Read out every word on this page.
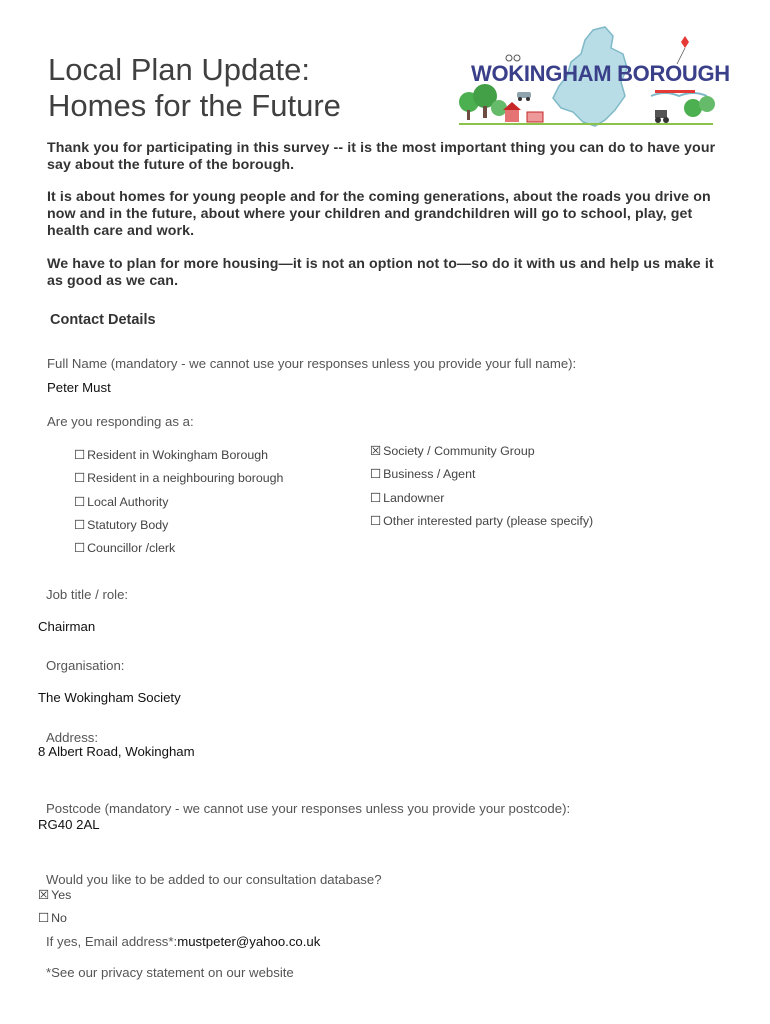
Local Plan Update:
Homes for the Future
WOKINGHAM BOROUGH
Thank you for participating in this survey -- it is the most important thing you can do to have your say about the future of the borough.
It is about homes for young people and for the coming generations, about the roads you drive on now and in the future, about where your children and grandchildren will go to school, play, get health care and work.
We have to plan for more housing—it is not an option not to—so do it with us and help us make it as good as we can.
Contact Details
Full Name (mandatory - we cannot use your responses unless you provide your full name):
Peter Must
Are you responding as a:
☐ Resident in Wokingham Borough
☐ Resident in a neighbouring borough
☐ Local Authority
☐ Statutory Body
☐ Councillor /clerk
☒ Society / Community Group
☐ Business / Agent
☐ Landowner
☐ Other interested party (please specify)
Job title / role:
Chairman
Organisation:
The Wokingham Society
Address:
8 Albert Road, Wokingham
Postcode (mandatory - we cannot use your responses unless you provide your postcode):
RG40 2AL
Would you like to be added to our consultation database?
☒ Yes
☐ No
If yes, Email address*:mustpeter@yahoo.co.uk
*See our privacy statement on our website
